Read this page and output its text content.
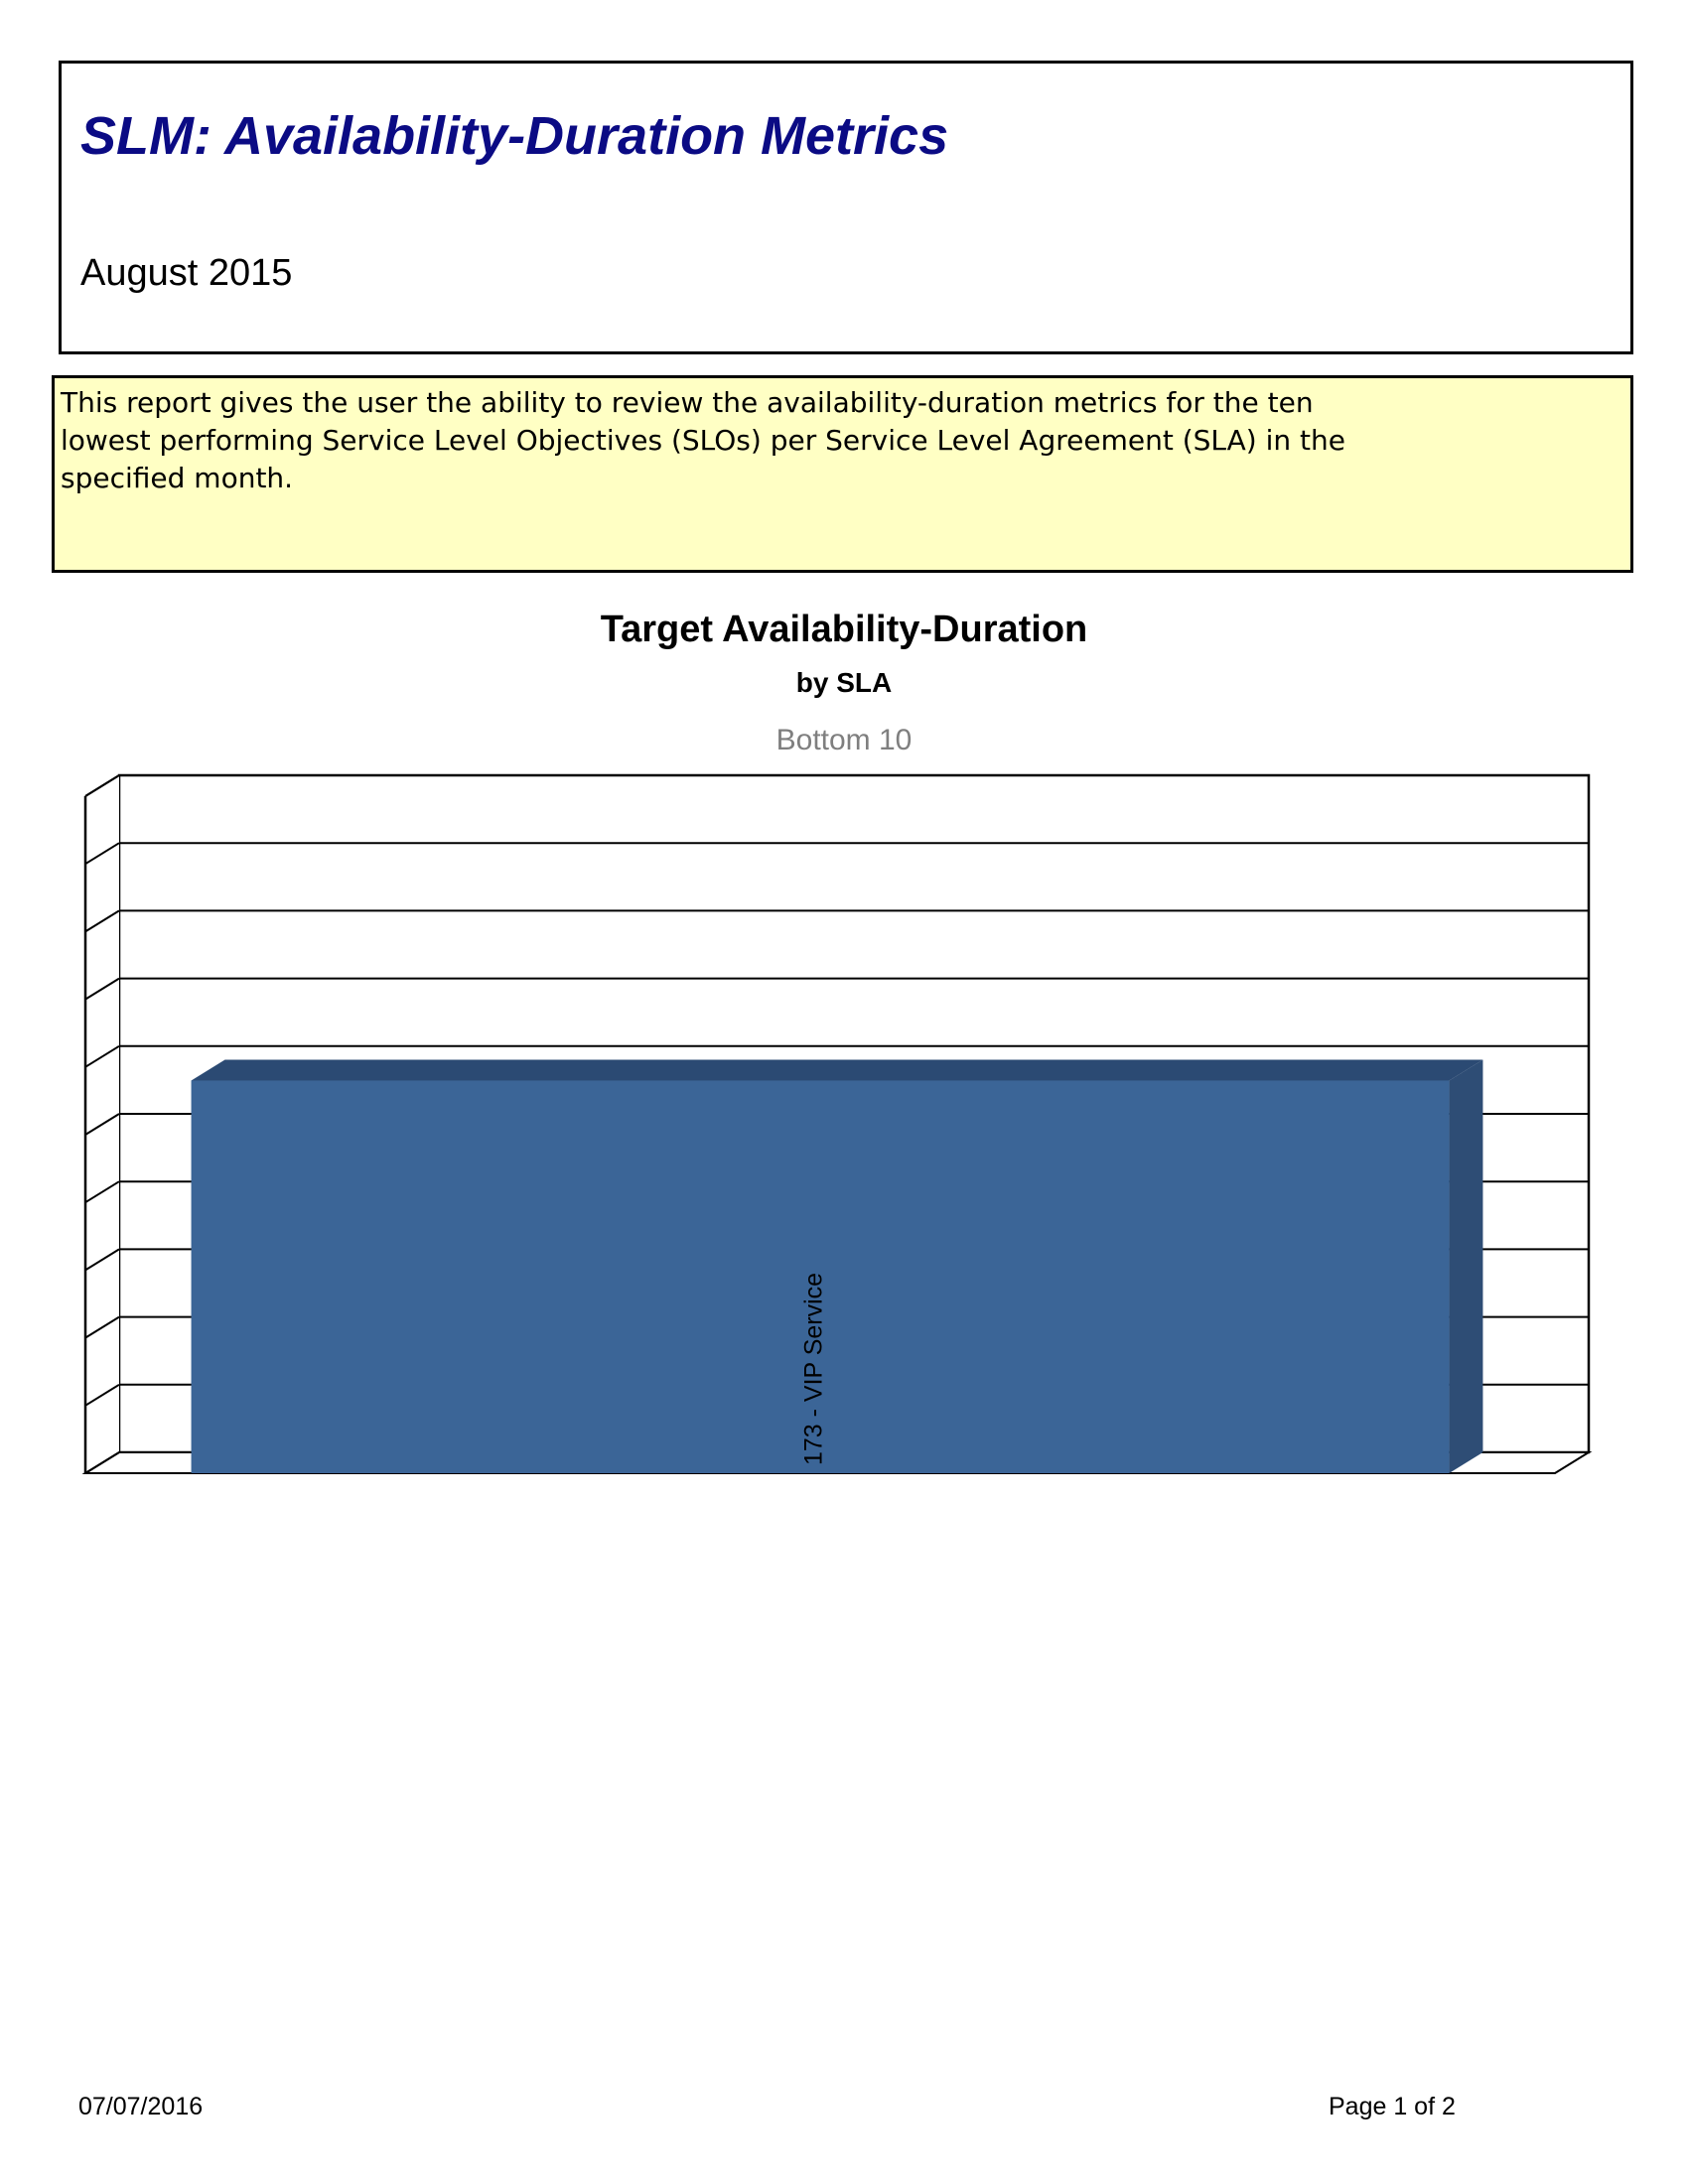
SLM: Availability-Duration Metrics
August 2015
This report gives the user the ability to review the availability-duration metrics for the ten lowest performing Service Level Objectives (SLOs) per Service Level Agreement (SLA) in the specified month.
Target Availability-Duration
by SLA
Bottom 10
173 - VIP Service
07/07/2016	Page 1 of 2
